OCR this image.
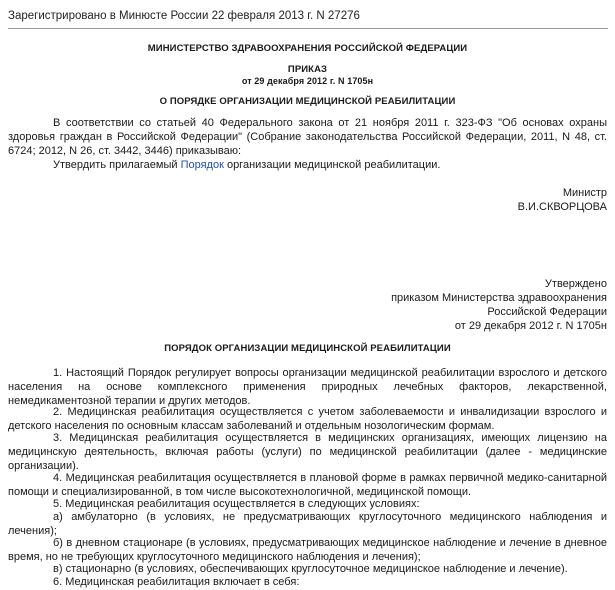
Зарегистрировано в Минюсте России 22 февраля 2013 г. N 27276
МИНИСТЕРСТВО ЗДРАВООХРАНЕНИЯ РОССИЙСКОЙ ФЕДЕРАЦИИ
ПРИКАЗ
от 29 декабря 2012 г. N 1705н
О ПОРЯДКЕ ОРГАНИЗАЦИИ МЕДИЦИНСКОЙ РЕАБИЛИТАЦИИ
В соответствии со статьей 40 Федерального закона от 21 ноября 2011 г. 323-ФЗ "Об основах охраны здоровья граждан в Российской Федерации" (Собрание законодательства Российской Федерации, 2011, N 48, ст. 6724; 2012, N 26, ст. 3442, 3446) приказываю:
Утвердить прилагаемый Порядок организации медицинской реабилитации.
Министр
В.И.СКВОРЦОВА
Утверждено
приказом Министерства здравоохранения
Российской Федерации
от 29 декабря 2012 г. N 1705н
ПОРЯДОК ОРГАНИЗАЦИИ МЕДИЦИНСКОЙ РЕАБИЛИТАЦИИ
1. Настоящий Порядок регулирует вопросы организации медицинской реабилитации взрослого и детского населения на основе комплексного применения природных лечебных факторов, лекарственной, немедикаментозной терапии и других методов.
2. Медицинская реабилитация осуществляется с учетом заболеваемости и инвалидизации взрослого и детского населения по основным классам заболеваний и отдельным нозологическим формам.
3. Медицинская реабилитация осуществляется в медицинских организациях, имеющих лицензию на медицинскую деятельность, включая работы (услуги) по медицинской реабилитации (далее - медицинские организации).
4. Медицинская реабилитация осуществляется в плановой форме в рамках первичной медико-санитарной помощи и специализированной, в том числе высокотехнологичной, медицинской помощи.
5. Медицинская реабилитация осуществляется в следующих условиях:
а) амбулаторно (в условиях, не предусматривающих круглосуточного медицинского наблюдения и лечения);
б) в дневном стационаре (в условиях, предусматривающих медицинское наблюдение и лечение в дневное время, но не требующих круглосуточного медицинского наблюдения и лечения);
в) стационарно (в условиях, обеспечивающих круглосуточное медицинское наблюдение и лечение).
6. Медицинская реабилитация включает в себя:
